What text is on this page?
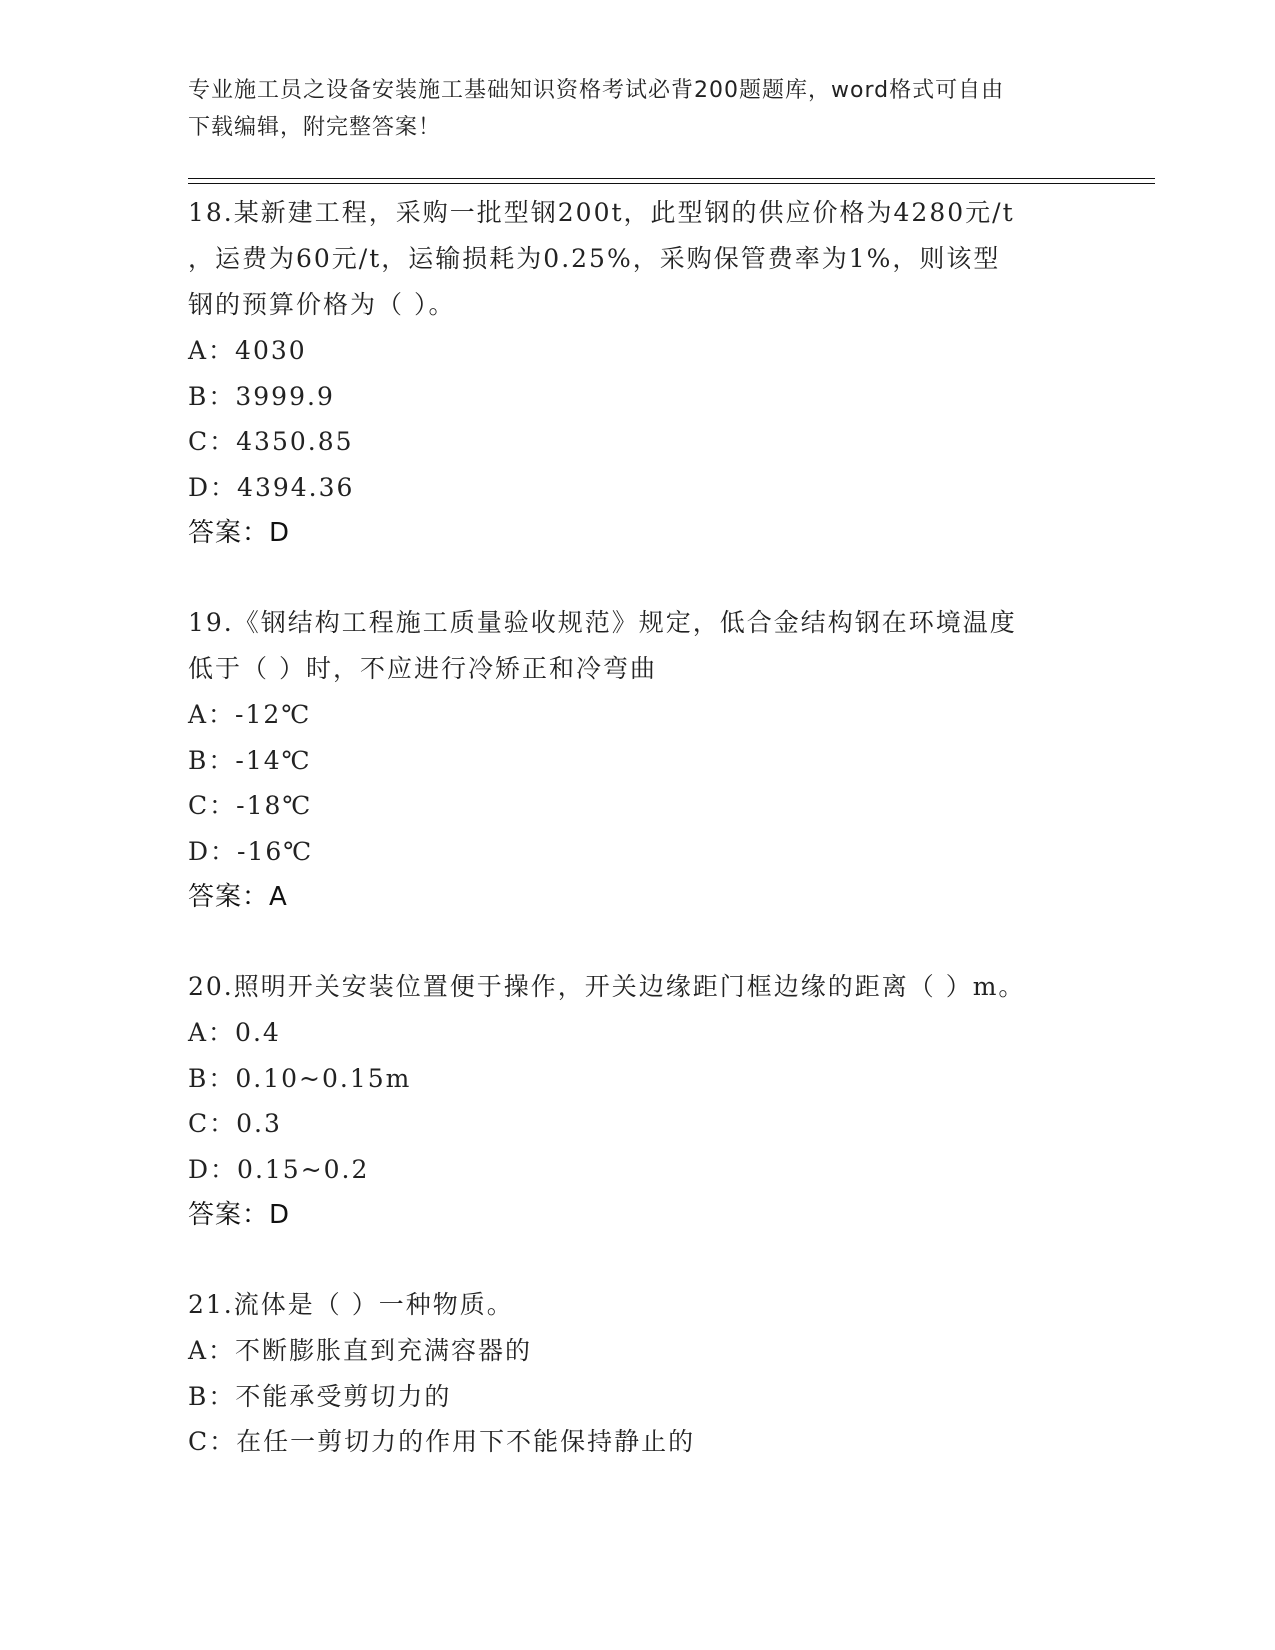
专业施工员之设备安装施工基础知识资格考试必背200题题库，word格式可自由
下载编辑，附完整答案！

18.某新建工程，采购一批型钢200t，此型钢的供应价格为4280元/t

，运费为60元/t，运输损耗为0.25%，采购保管费率为1%，则该型

钢的预算价格为（ ）。

A：4030

B：3999.9

C：4350.85

D：4394.36

答案：D

19.《钢结构工程施工质量验收规范》规定，低合金结构钢在环境温度

低于（ ）时，不应进行冷矫正和冷弯曲

A：-12℃

B：-14℃

C：-18℃

D：-16℃

答案：A

20.照明开关安装位置便于操作，开关边缘距门框边缘的距离（ ）m。

A：0.4

B：0.10~0.15m

C：0.3

D：0.15~0.2

答案：D

21.流体是（ ）一种物质。

A：不断膨胀直到充满容器的

B：不能承受剪切力的

C：在任一剪切力的作用下不能保持静止的
